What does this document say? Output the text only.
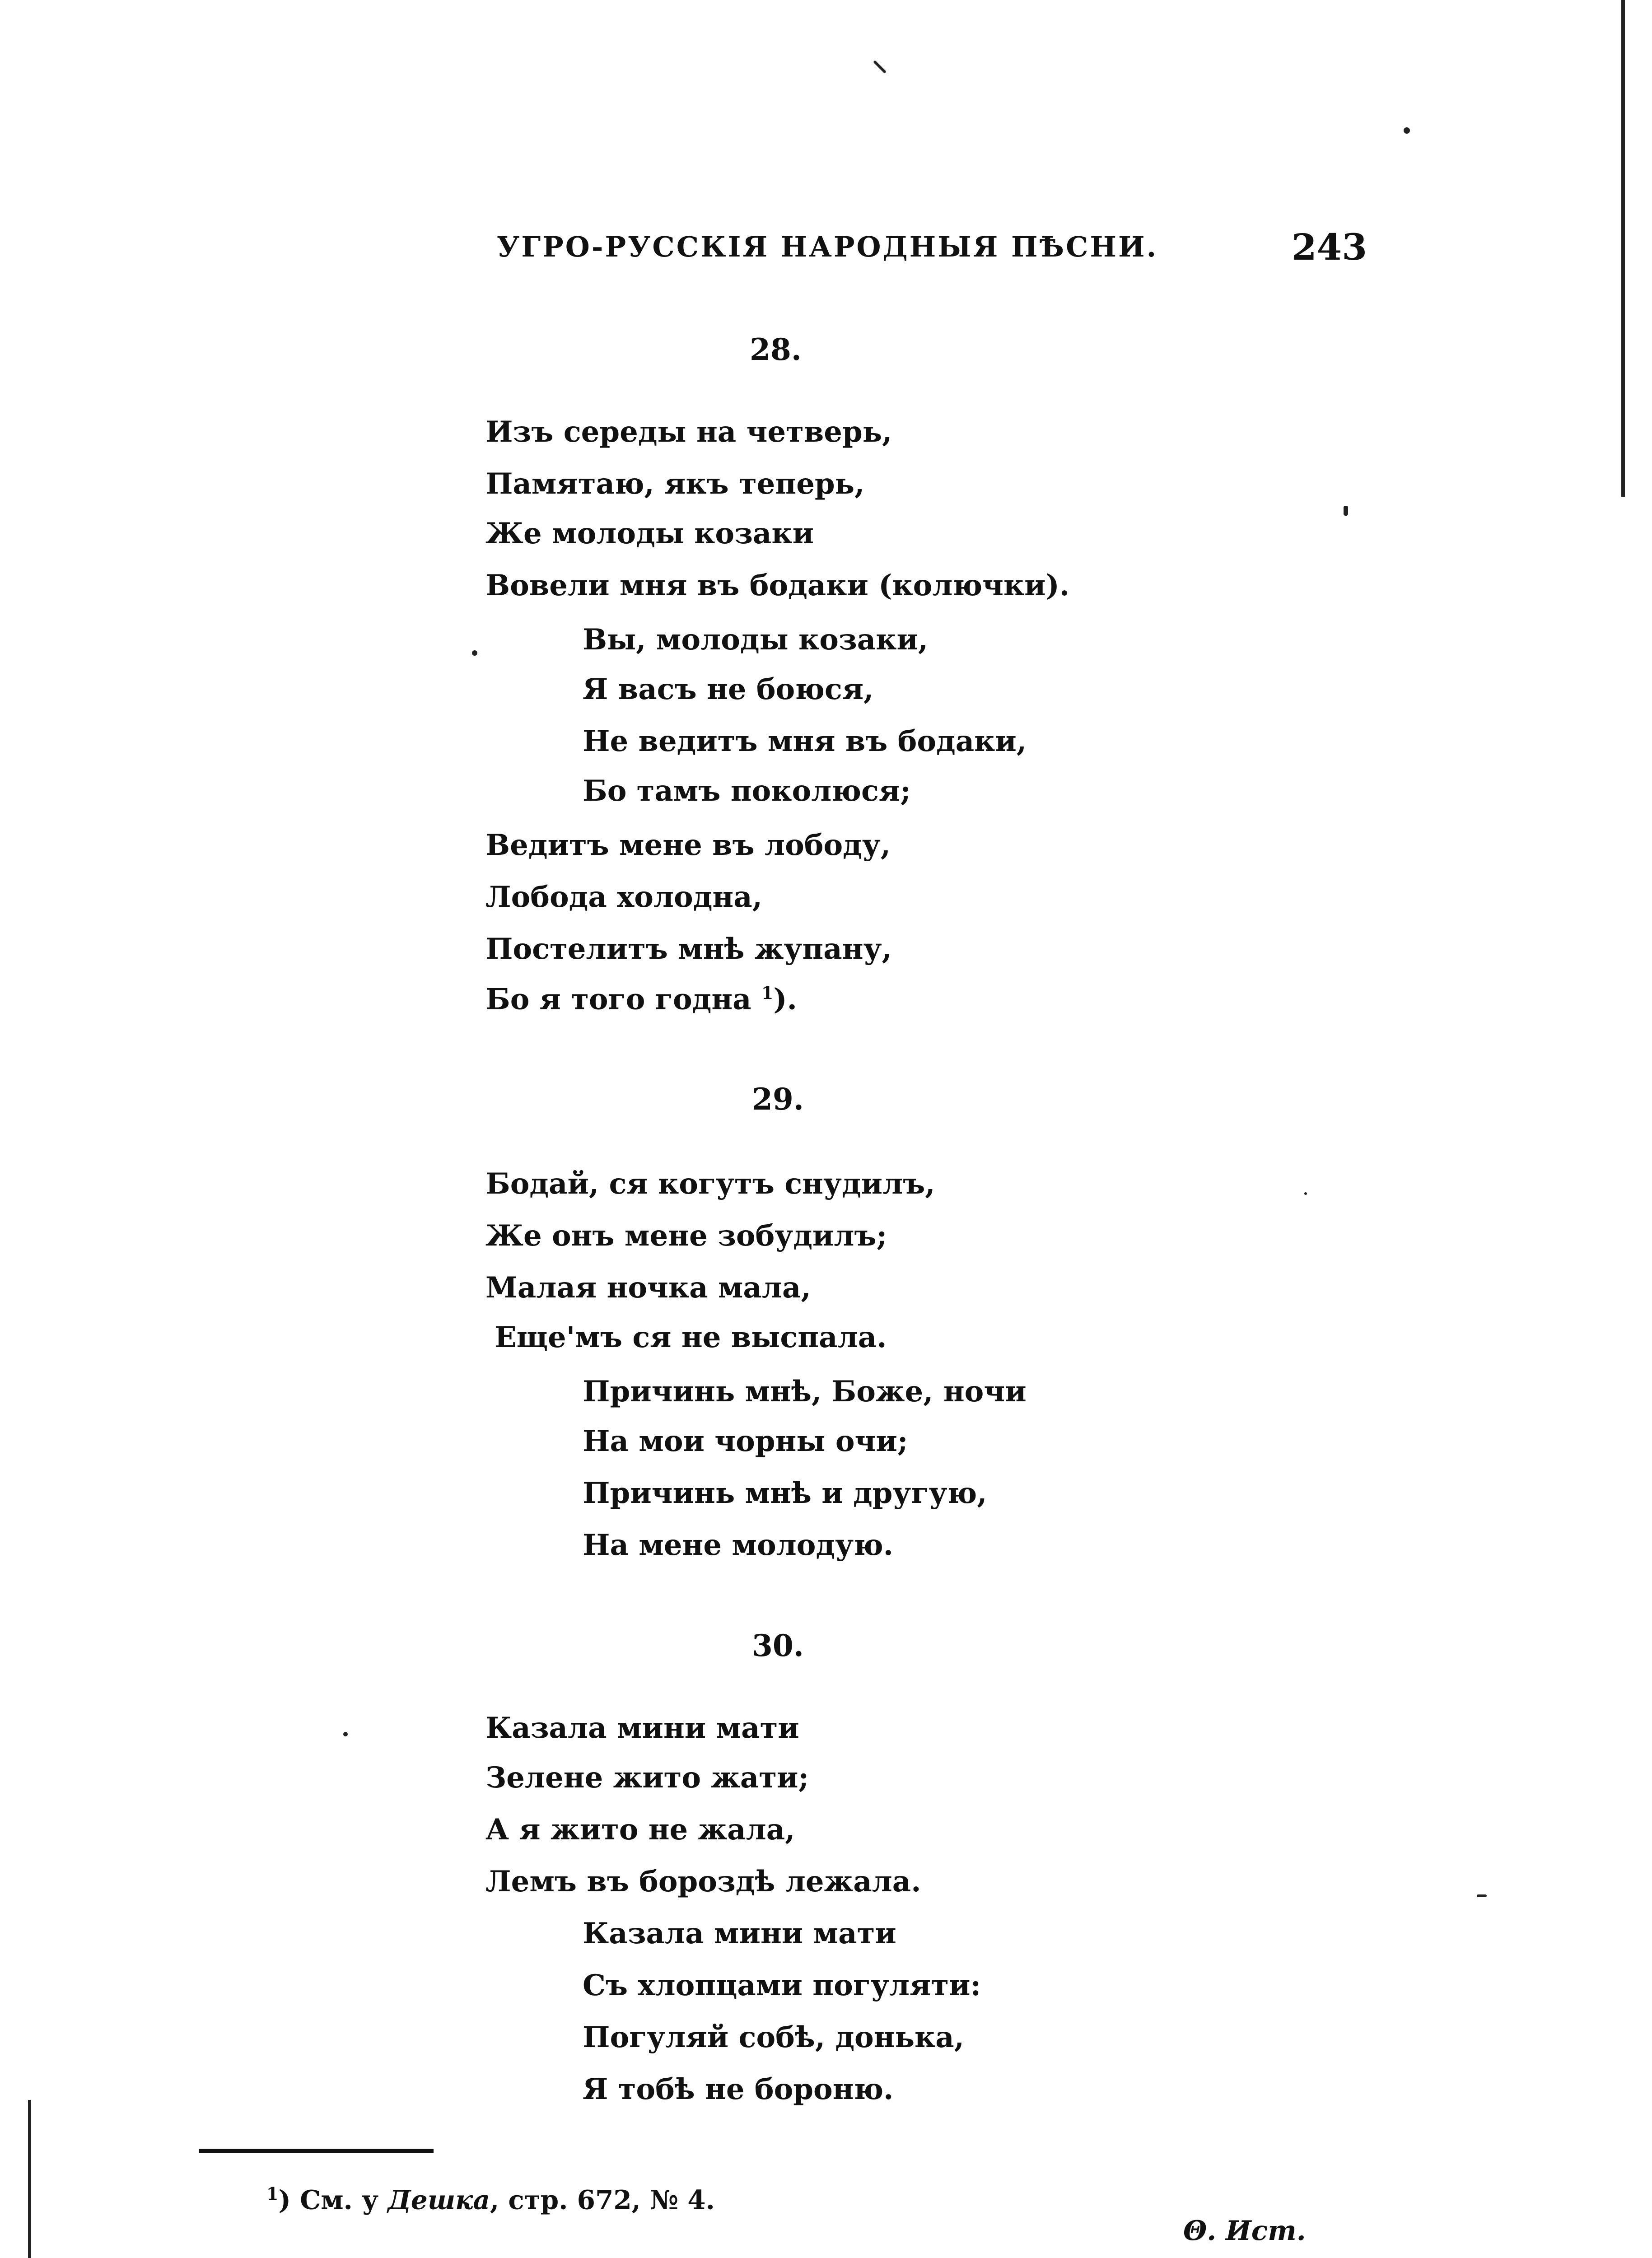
УГРО-РУССКIЯ НАРОДНЫЯ ПѢСНИ.	243
28.
Изъ середы на четверь,
Памятаю, якъ теперь,
Же молоды козаки
Вовели мня въ бодаки (колючки).
Вы, молоды козаки,
Я васъ не боюся,
Не ведитъ мня въ бодаки,
Бо тамъ поколюся;
Ведитъ мене въ лободу,
Лобода холодна,
Постелитъ мнѣ жупану,
Бо я того годна $^1$).
29.
Бодай, ся когутъ снудилъ,
Же онъ мене зобудилъ;
Малая ночка мала,
Еще'мъ ся не выспала.
Причинь мнѣ, Боже, ночи
На мои чорны очи;
Причинь мнѣ и другую,
На мене молодую.
30.
Казала мини мати
Зелене жито жати;
А я жито не жала,
Лемъ въ бороздѣ лежала.
Казала мини мати
Съ хлопцами погуляти:
Погуляй собѣ, донька,
Я тобѣ не бороню.
$^1$) См. у Дешка, стр. 672, № 4.
Θ. Ист.
